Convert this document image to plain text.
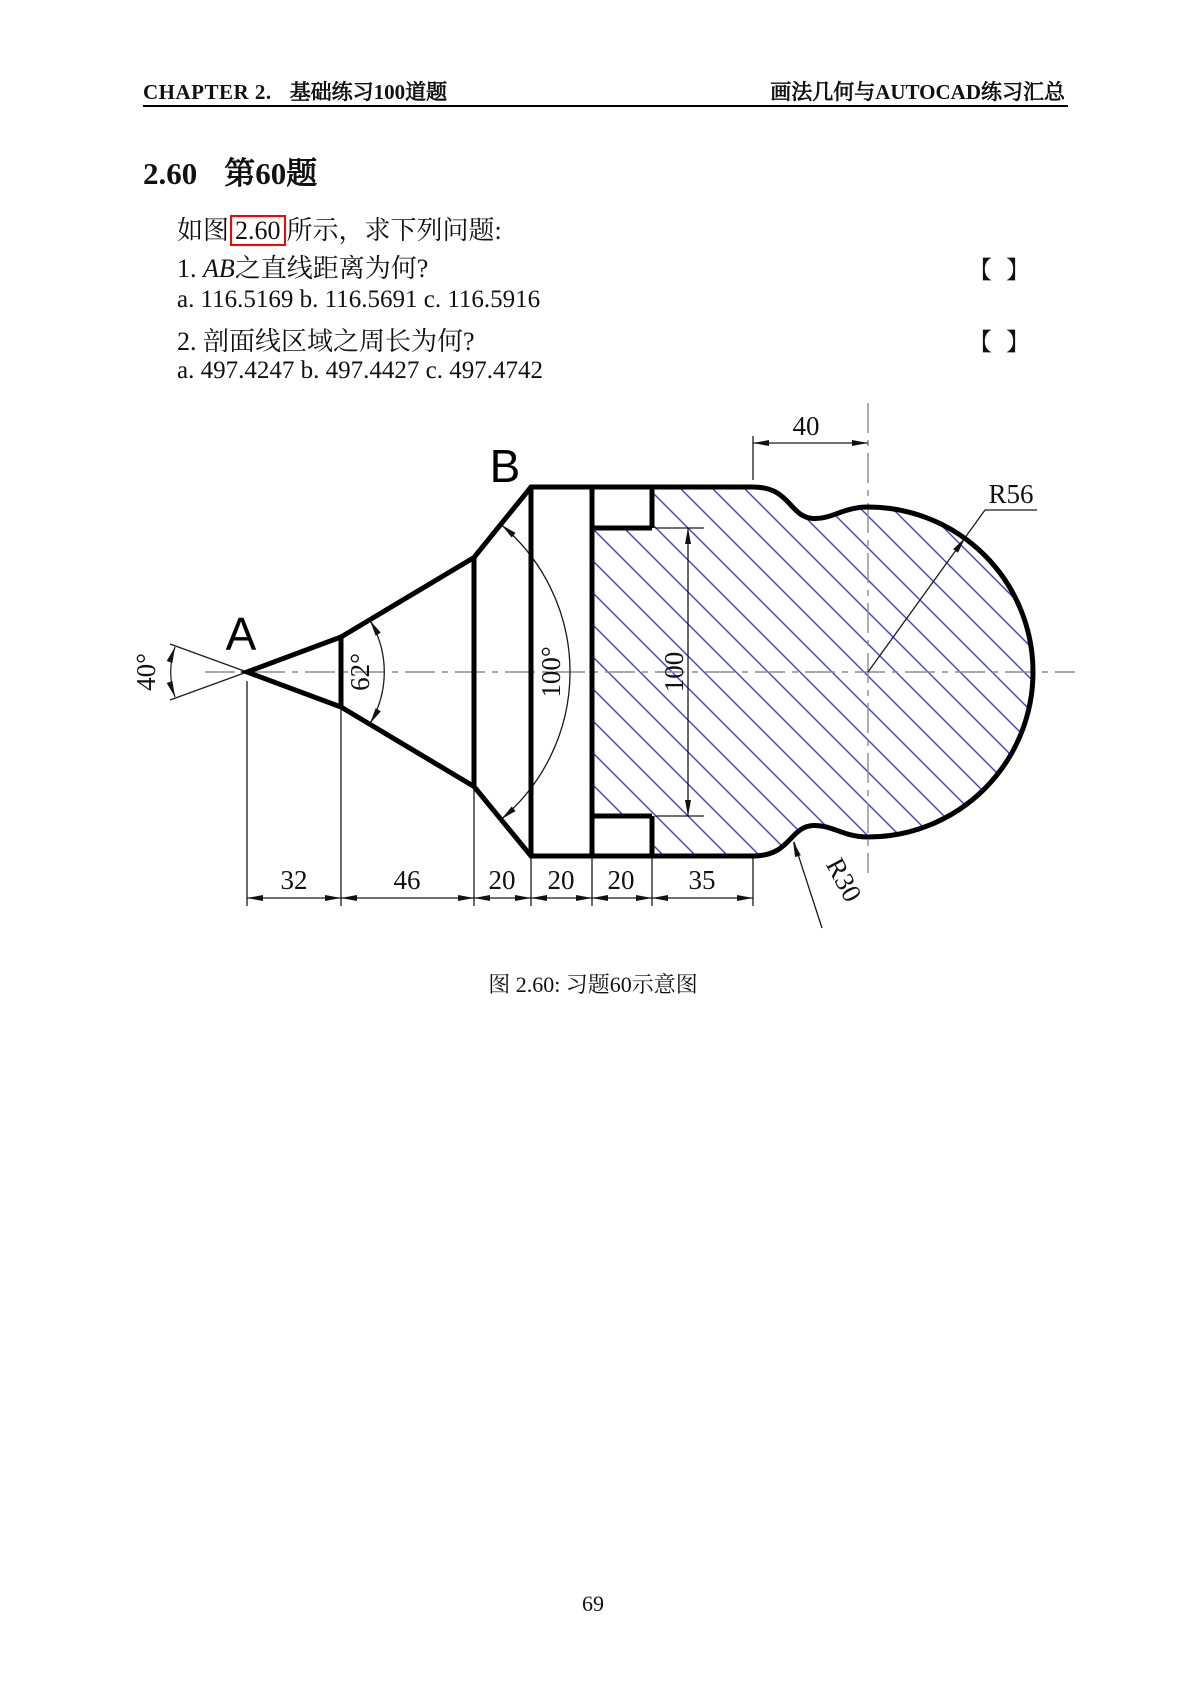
CHAPTER 2. 基础练习100道题	画法几何与AUTOCAD练习汇总
2.60 第60题
如图 2.60 所示，求下列问题:
1. AB之直线距离为何?	【 】
a. 116.5169 b. 116.5691 c. 116.5916
2. 剖面线区域之周长为何?	【 】
a. 497.4247 b. 497.4427 c. 497.4742
40
R56
R30
100
40°	62°	100°
32	46	20 20 20 35
A
B
图 2.60: 习题60示意图
69
